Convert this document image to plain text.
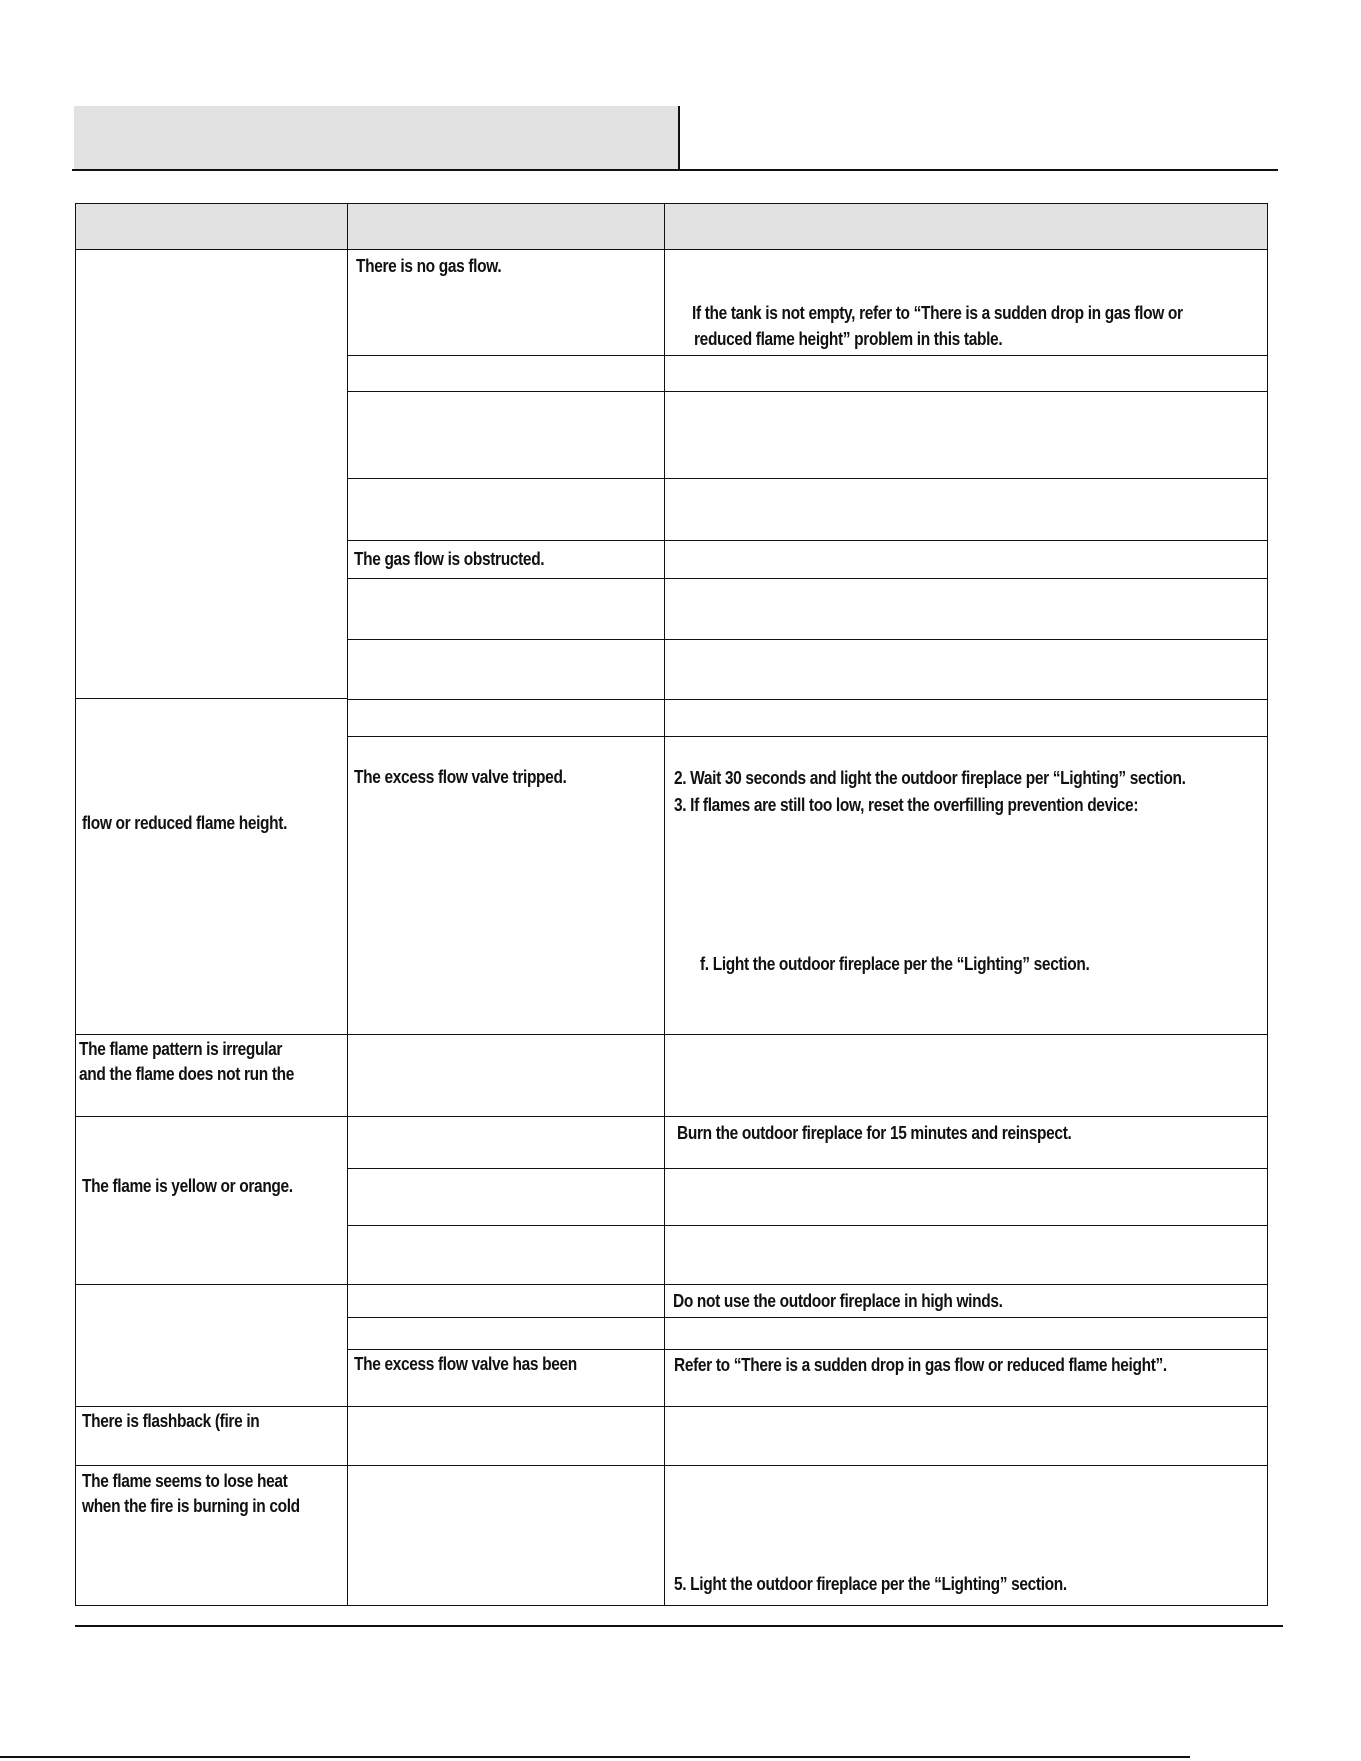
flow or reduced flame height.
The flame pattern is irregular
and the flame does not run the
The flame is yellow or orange.
There is flashback (fire in
The flame seems to lose heat
when the fire is burning in cold
There is no gas flow.
The gas flow is obstructed.
The excess flow valve tripped.
The excess flow valve has been
If the tank is not empty, refer to “There is a sudden drop in gas flow or
reduced flame height” problem in this table.
2. Wait 30 seconds and light the outdoor fireplace per “Lighting” section.
3. If flames are still too low, reset the overfilling prevention device:
f. Light the outdoor fireplace per the “Lighting” section.
Burn the outdoor fireplace for 15 minutes and reinspect.
Do not use the outdoor fireplace in high winds.
Refer to “There is a sudden drop in gas flow or reduced flame height”.
5. Light the outdoor fireplace per the “Lighting” section.
